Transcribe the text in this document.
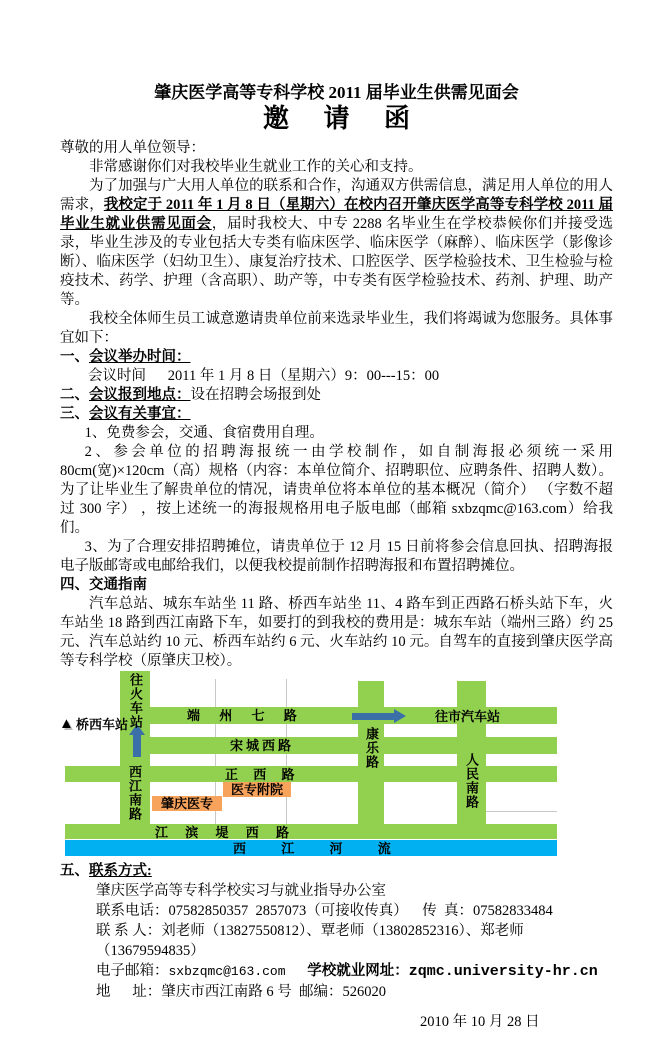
肇庆医学高等专科学校 2011 届毕业生供需见面会

邀 请 函

尊敬的用人单位领导：

非常感谢你们对我校毕业生就业工作的关心和支持。

为了加强与广大用人单位的联系和合作，沟通双方供需信息，满足用人单位的用人需求，我校定于 2011 年 1 月 8 日（星期六）在校内召开肇庆医学高等专科学校 2011 届毕业生就业供需见面会，届时我校大、中专 2288 名毕业生在学校恭候你们并接受选录，毕业生涉及的专业包括大专类有临床医学、临床医学（麻醉）、临床医学（影像诊断）、临床医学（妇幼卫生）、康复治疗技术、口腔医学、医学检验技术、卫生检验与检疫技术、药学、护理（含高职）、助产等，中专类有医学检验技术、药剂、护理、助产等。

我校全体师生员工诚意邀请贵单位前来选录毕业生，我们将竭诚为您服务。具体事宜如下：

一、会议举办时间：

会议时间      2011 年 1 月 8 日（星期六）9：00---15：00

二、会议报到地点：设在招聘会场报到处

三、会议有关事宜：

1、免费参会，交通、食宿费用自理。

2、参会单位的招聘海报统一由学校制作，如自制海报必须统一采用 80cm(宽)×120cm（高）规格（内容：本单位简介、招聘职位、应聘条件、招聘人数）。为了让毕业生了解贵单位的情况，请贵单位将本单位的基本概况（简介） （字数不超过 300 字） ，按上述统一的海报规格用电子版电邮（邮箱 sxbzqmc@163.com）给我们。

3、为了合理安排招聘摊位，请贵单位于 12 月 15 日前将参会信息回执、招聘海报电子版邮寄或电邮给我们，以便我校提前制作招聘海报和布置招聘摊位。

四、交通指南

汽车总站、城东车站坐 11 路、桥西车站坐 11、4 路车到正西路石桥头站下车，火车站坐 18 路到西江南路下车，如要打的到我校的费用是：城东车站（端州三路）约 25 元、汽车总站约 10 元、桥西车站约 6 元、火车站约 10 元。自驾车的直接到肇庆医学高等专科学校（原肇庆卫校）。

▲ 桥西车站 往火车站
西江南路
康乐路
人民南路
端 州 七 路	往市汽车站
宋城西路
正 西 路
江 滨 堤 西 路
西 江 河 流
医专附院
肇庆医专

五、联系方式:

肇庆医学高等专科学校实习与就业指导办公室

联系电话：07582850357  2857073（可接收传真）    传  真：07582833484

联 系 人：刘老师（13827550812）、覃老师（13802852316）、郑老师（13679594835）

电子邮箱：sxbzqmc@163.com 学校就业网址：zqmc.university-hr.cn

地      址：肇庆市西江南路 6 号  邮编：526020

2010 年 10 月 28 日
